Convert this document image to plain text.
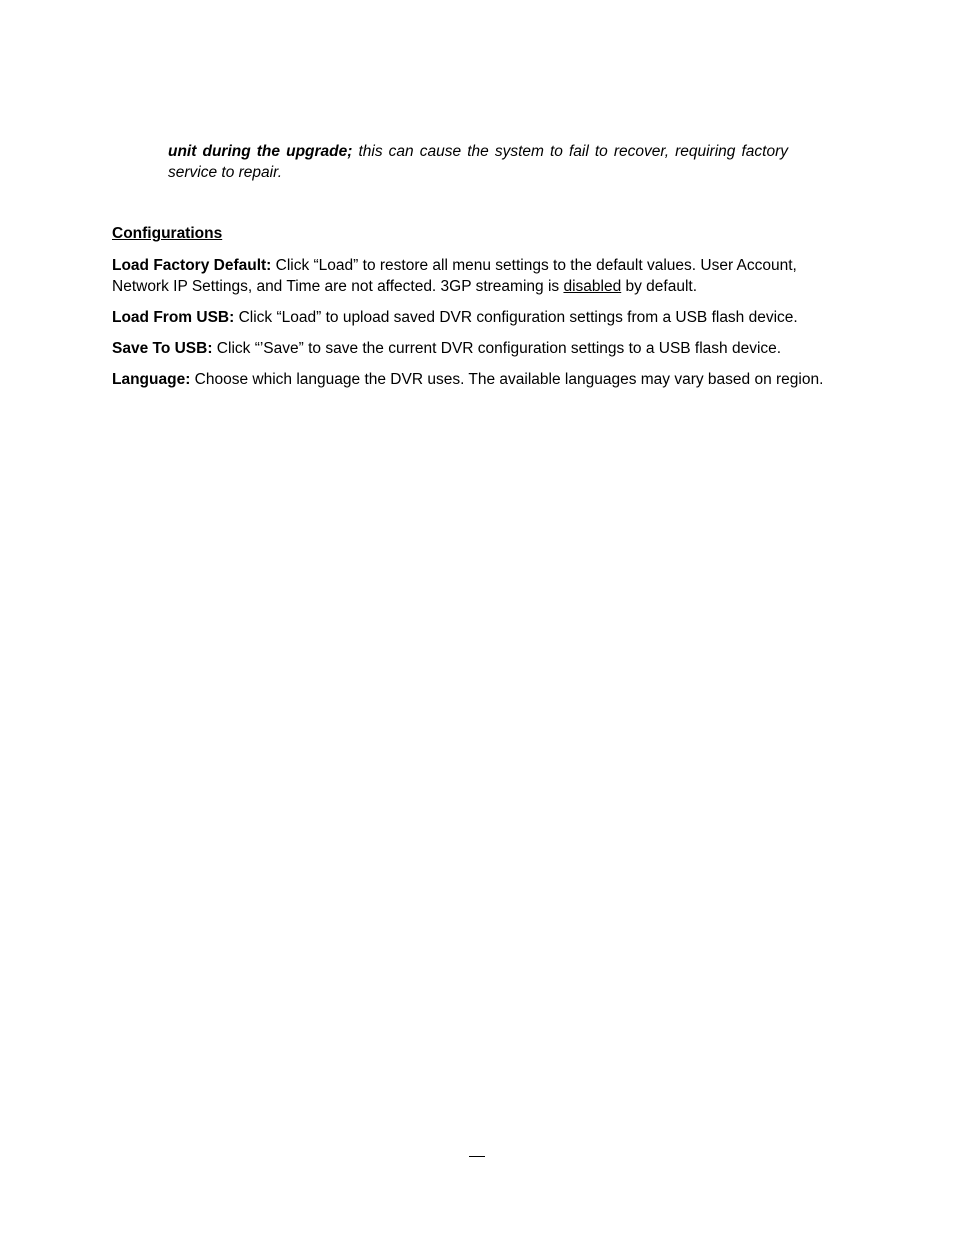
unit during the upgrade; this can cause the system to fail to recover, requiring factory service to repair.
Configurations
Load Factory Default: Click “Load” to restore all menu settings to the default values. User Account, Network IP Settings, and Time are not affected. 3GP streaming is disabled by default.
Load From USB: Click “Load” to upload saved DVR configuration settings from a USB flash device.
Save To USB: Click “’Save” to save the current DVR configuration settings to a USB flash device.
Language: Choose which language the DVR uses. The available languages may vary based on region.
